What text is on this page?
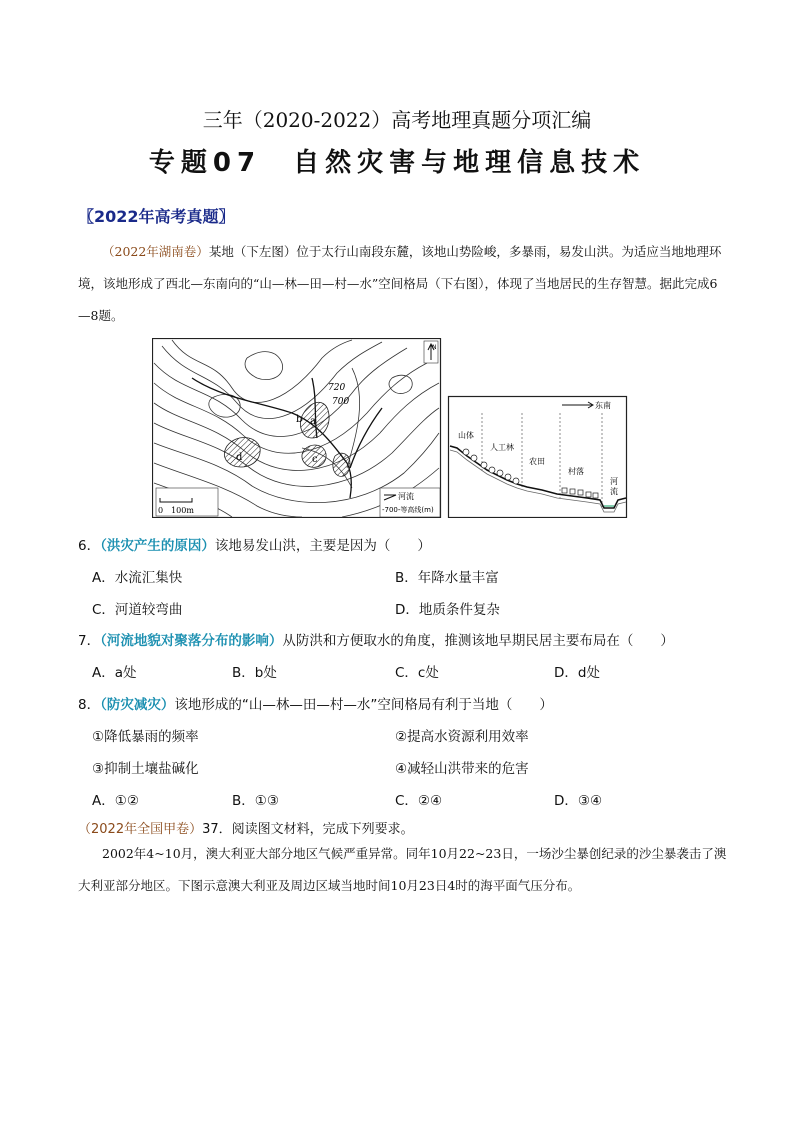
三年（2020-2022）高考地理真题分项汇编
专题07　自然灾害与地理信息技术
〖2022年高考真题〗
（2022年湖南卷）某地（下左图）位于太行山南段东麓，该地山势险峻，多暴雨，易发山洪。为适应当地地理环境，该地形成了西北—东南向的“山—林—田—村—水”空间格局（下右图），体现了当地居民的生存智慧。据此完成6—8题。
a
b
c
d
720
700
N
0　100m
河流
-700-等高线(m)
东南
山体
人工林
农田
村落
河
流
6．（洪灾产生的原因）该地易发山洪，主要是因为（　　）
A．水流汇集快	B．年降水量丰富
C．河道较弯曲	D．地质条件复杂
7．（河流地貌对聚落分布的影响）从防洪和方便取水的角度，推测该地早期民居主要布局在（　　）
A．a处	B．b处	C．c处	D．d处
8．（防灾减灾）该地形成的“山—林—田—村—水”空间格局有利于当地（　　）
①降低暴雨的频率	②提高水资源利用效率
③抑制土壤盐碱化	④减轻山洪带来的危害
A．①②	B．①③	C．②④	D．③④
（2022年全国甲卷）37．阅读图文材料，完成下列要求。
2002年4~10月，澳大利亚大部分地区气候严重异常。同年10月22~23日，一场沙尘暴创纪录的沙尘暴袭击了澳大利亚部分地区。下图示意澳大利亚及周边区域当地时间10月23日4时的海平面气压分布。
